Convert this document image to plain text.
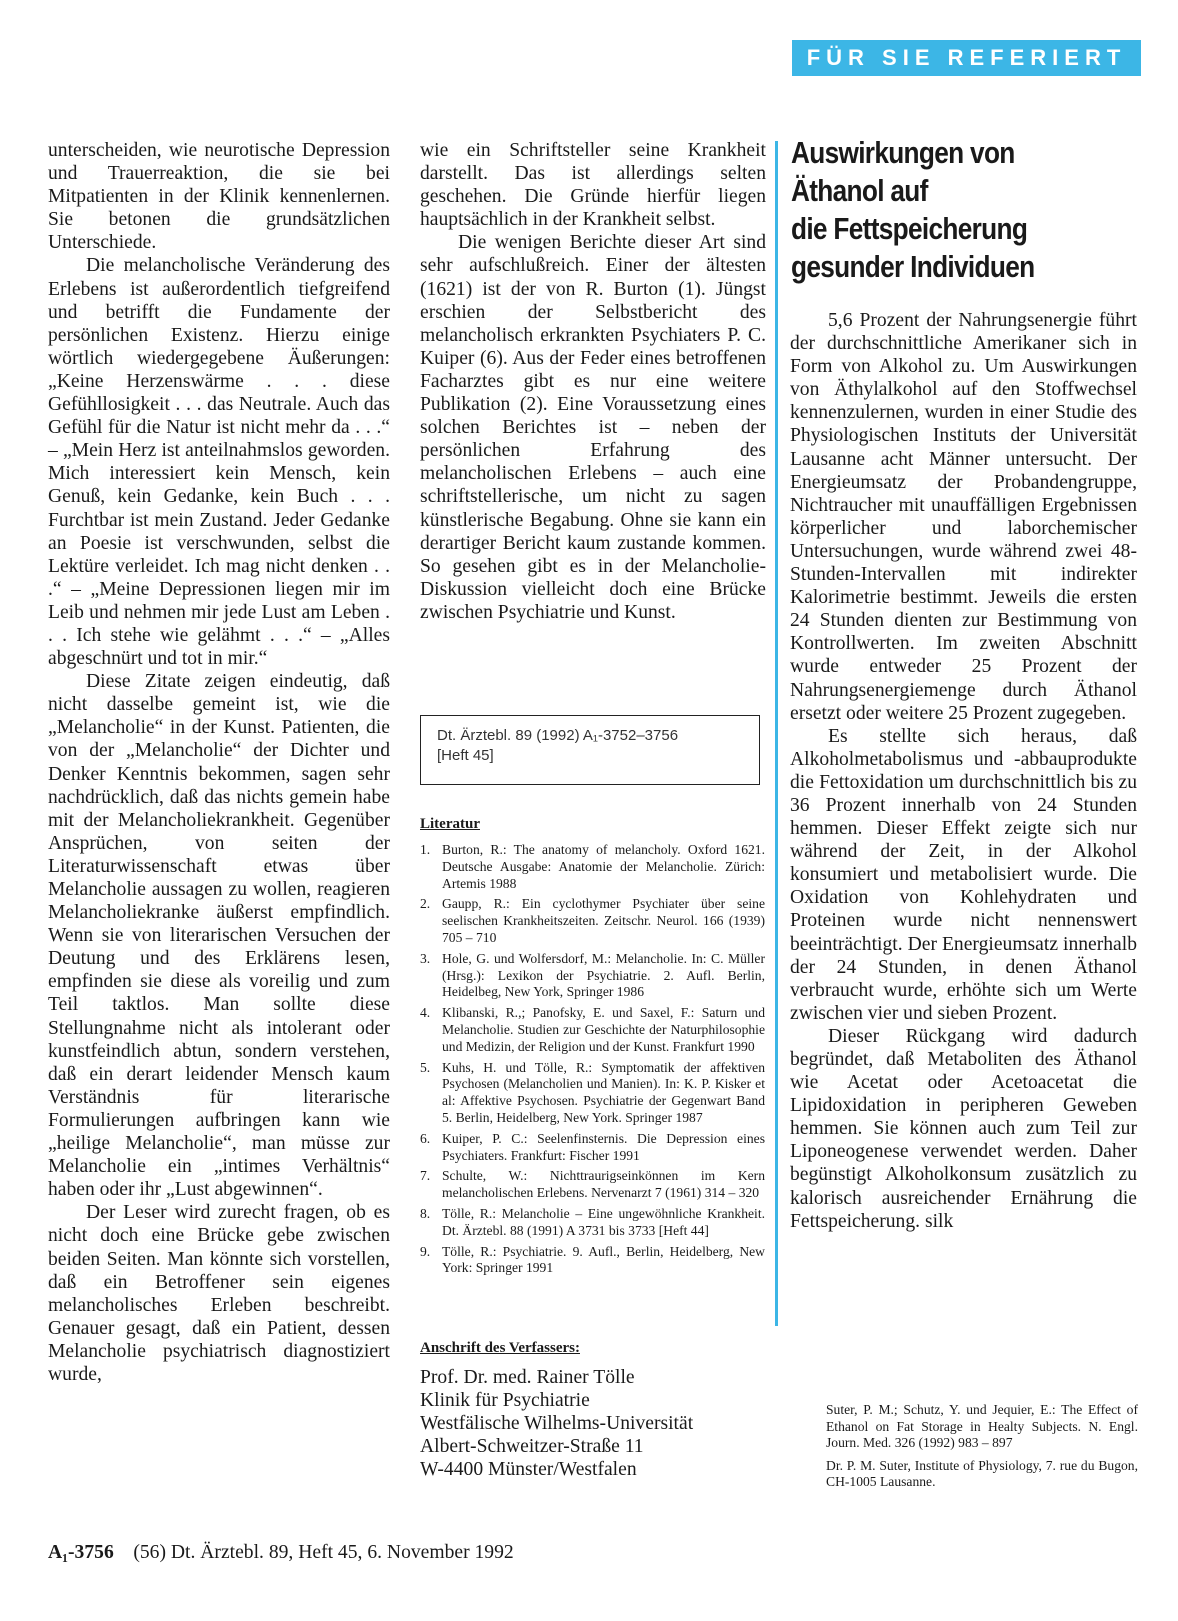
FÜR SIE REFERIERT

unterscheiden, wie neurotische Depression und Trauerreaktion, die sie bei Mitpatienten in der Klinik kennenlernen. Sie betonen die grundsätzlichen Unterschiede.

Die melancholische Veränderung des Erlebens ist außerordentlich tiefgreifend und betrifft die Fundamente der persönlichen Existenz. Hierzu einige wörtlich wiedergegebene Äußerungen: „Keine Herzenswärme . . . diese Gefühllosigkeit . . . das Neutrale. Auch das Gefühl für die Natur ist nicht mehr da . . .“ – „Mein Herz ist anteilnahmslos geworden. Mich interessiert kein Mensch, kein Genuß, kein Gedanke, kein Buch . . . Furchtbar ist mein Zustand. Jeder Gedanke an Poesie ist verschwunden, selbst die Lektüre verleidet. Ich mag nicht denken . . .“ – „Meine Depressionen liegen mir im Leib und nehmen mir jede Lust am Leben . . . Ich stehe wie gelähmt . . .“ – „Alles abgeschnürt und tot in mir.“

Diese Zitate zeigen eindeutig, daß nicht dasselbe gemeint ist, wie die „Melancholie“ in der Kunst. Patienten, die von der „Melancholie“ der Dichter und Denker Kenntnis bekommen, sagen sehr nachdrücklich, daß das nichts gemein habe mit der Melancholiekrankheit. Gegenüber Ansprüchen, von seiten der Literaturwissenschaft etwas über Melancholie aussagen zu wollen, reagieren Melancholiekranke äußerst empfindlich. Wenn sie von literarischen Versuchen der Deutung und des Erklärens lesen, empfinden sie diese als voreilig und zum Teil taktlos. Man sollte diese Stellungnahme nicht als intolerant oder kunstfeindlich abtun, sondern verstehen, daß ein derart leidender Mensch kaum Verständnis für literarische Formulierungen aufbringen kann wie „heilige Melancholie“, man müsse zur Melancholie ein „intimes Verhältnis“ haben oder ihr „Lust abgewinnen“.

Der Leser wird zurecht fragen, ob es nicht doch eine Brücke gebe zwischen beiden Seiten. Man könnte sich vorstellen, daß ein Betroffener sein eigenes melancholisches Erleben beschreibt. Genauer gesagt, daß ein Patient, dessen Melancholie psychiatrisch diagnostiziert wurde,

wie ein Schriftsteller seine Krankheit darstellt. Das ist allerdings selten geschehen. Die Gründe hierfür liegen hauptsächlich in der Krankheit selbst.

Die wenigen Berichte dieser Art sind sehr aufschlußreich. Einer der ältesten (1621) ist der von R. Burton (1). Jüngst erschien der Selbstbericht des melancholisch erkrankten Psychiaters P. C. Kuiper (6). Aus der Feder eines betroffenen Facharztes gibt es nur eine weitere Publikation (2). Eine Voraussetzung eines solchen Berichtes ist – neben der persönlichen Erfahrung des melancholischen Erlebens – auch eine schriftstellerische, um nicht zu sagen künstlerische Begabung. Ohne sie kann ein derartiger Bericht kaum zustande kommen. So gesehen gibt es in der Melancholie-Diskussion vielleicht doch eine Brücke zwischen Psychiatrie und Kunst.

Dt. Ärztebl. 89 (1992) A₁-3752–3756
[Heft 45]
Literatur
1. Burton, R.: The anatomy of melancholy. Oxford 1621. Deutsche Ausgabe: Anatomie der Melancholie. Zürich: Artemis 1988
2. Gaupp, R.: Ein cyclothymer Psychiater über seine seelischen Krankheitszeiten. Zeitschr. Neurol. 166 (1939) 705 – 710
3. Hole, G. und Wolfersdorf, M.: Melancholie. In: C. Müller (Hrsg.): Lexikon der Psychiatrie. 2. Aufl. Berlin, Heidelbeg, New York, Springer 1986
4. Klibanski, R.,; Panofsky, E. und Saxel, F.: Saturn und Melancholie. Studien zur Geschichte der Naturphilosophie und Medizin, der Religion und der Kunst. Frankfurt 1990
5. Kuhs, H. und Tölle, R.: Symptomatik der affektiven Psychosen (Melancholien und Manien). In: K. P. Kisker et al: Affektive Psychosen. Psychiatrie der Gegenwart Band 5. Berlin, Heidelberg, New York. Springer 1987
6. Kuiper, P. C.: Seelenfinsternis. Die Depression eines Psychiaters. Frankfurt: Fischer 1991
7. Schulte, W.: Nichttraurigseinkönnen im Kern melancholischen Erlebens. Nervenarzt 7 (1961) 314 – 320
8. Tölle, R.: Melancholie – Eine ungewöhnliche Krankheit. Dt. Ärztebl. 88 (1991) A 3731 bis 3733 [Heft 44]
9. Tölle, R.: Psychiatrie. 9. Aufl., Berlin, Heidelberg, New York: Springer 1991
Anschrift des Verfassers:
Prof. Dr. med. Rainer Tölle
Klinik für Psychiatrie
Westfälische Wilhelms-Universität
Albert-Schweitzer-Straße 11
W-4400 Münster/Westfalen
Auswirkungen von
Äthanol auf
die Fettspeicherung
gesunder Individuen

5,6 Prozent der Nahrungsenergie führt der durchschnittliche Amerikaner sich in Form von Alkohol zu. Um Auswirkungen von Äthylalkohol auf den Stoffwechsel kennenzulernen, wurden in einer Studie des Physiologischen Instituts der Universität Lausanne acht Männer untersucht. Der Energieumsatz der Probandengruppe, Nichtraucher mit unauffälligen Ergebnissen körperlicher und laborchemischer Untersuchungen, wurde während zwei 48-Stunden-Intervallen mit indirekter Kalorimetrie bestimmt. Jeweils die ersten 24 Stunden dienten zur Bestimmung von Kontrollwerten. Im zweiten Abschnitt wurde entweder 25 Prozent der Nahrungsenergiemenge durch Äthanol ersetzt oder weitere 25 Prozent zugegeben.

Es stellte sich heraus, daß Alkoholmetabolismus und -abbauprodukte die Fettoxidation um durchschnittlich bis zu 36 Prozent innerhalb von 24 Stunden hemmen. Dieser Effekt zeigte sich nur während der Zeit, in der Alkohol konsumiert und metabolisiert wurde. Die Oxidation von Kohlehydraten und Proteinen wurde nicht nennenswert beeinträchtigt. Der Energieumsatz innerhalb der 24 Stunden, in denen Äthanol verbraucht wurde, erhöhte sich um Werte zwischen vier und sieben Prozent.

Dieser Rückgang wird dadurch begründet, daß Metaboliten des Äthanol wie Acetat oder Acetoacetat die Lipidoxidation in peripheren Geweben hemmen. Sie können auch zum Teil zur Liponeogenese verwendet werden. Daher begünstigt Alkoholkonsum zusätzlich zu kalorisch ausreichender Ernährung die Fettspeicherung. silk

Suter, P. M.; Schutz, Y. und Jequier, E.: The Effect of Ethanol on Fat Storage in Healty Subjects. N. Engl. Journ. Med. 326 (1992) 983 – 897

Dr. P. M. Suter, Institute of Physiology, 7. rue du Bugon, CH-1005 Lausanne.

A₁-3756 (56) Dt. Ärztebl. 89, Heft 45, 6. November 1992
